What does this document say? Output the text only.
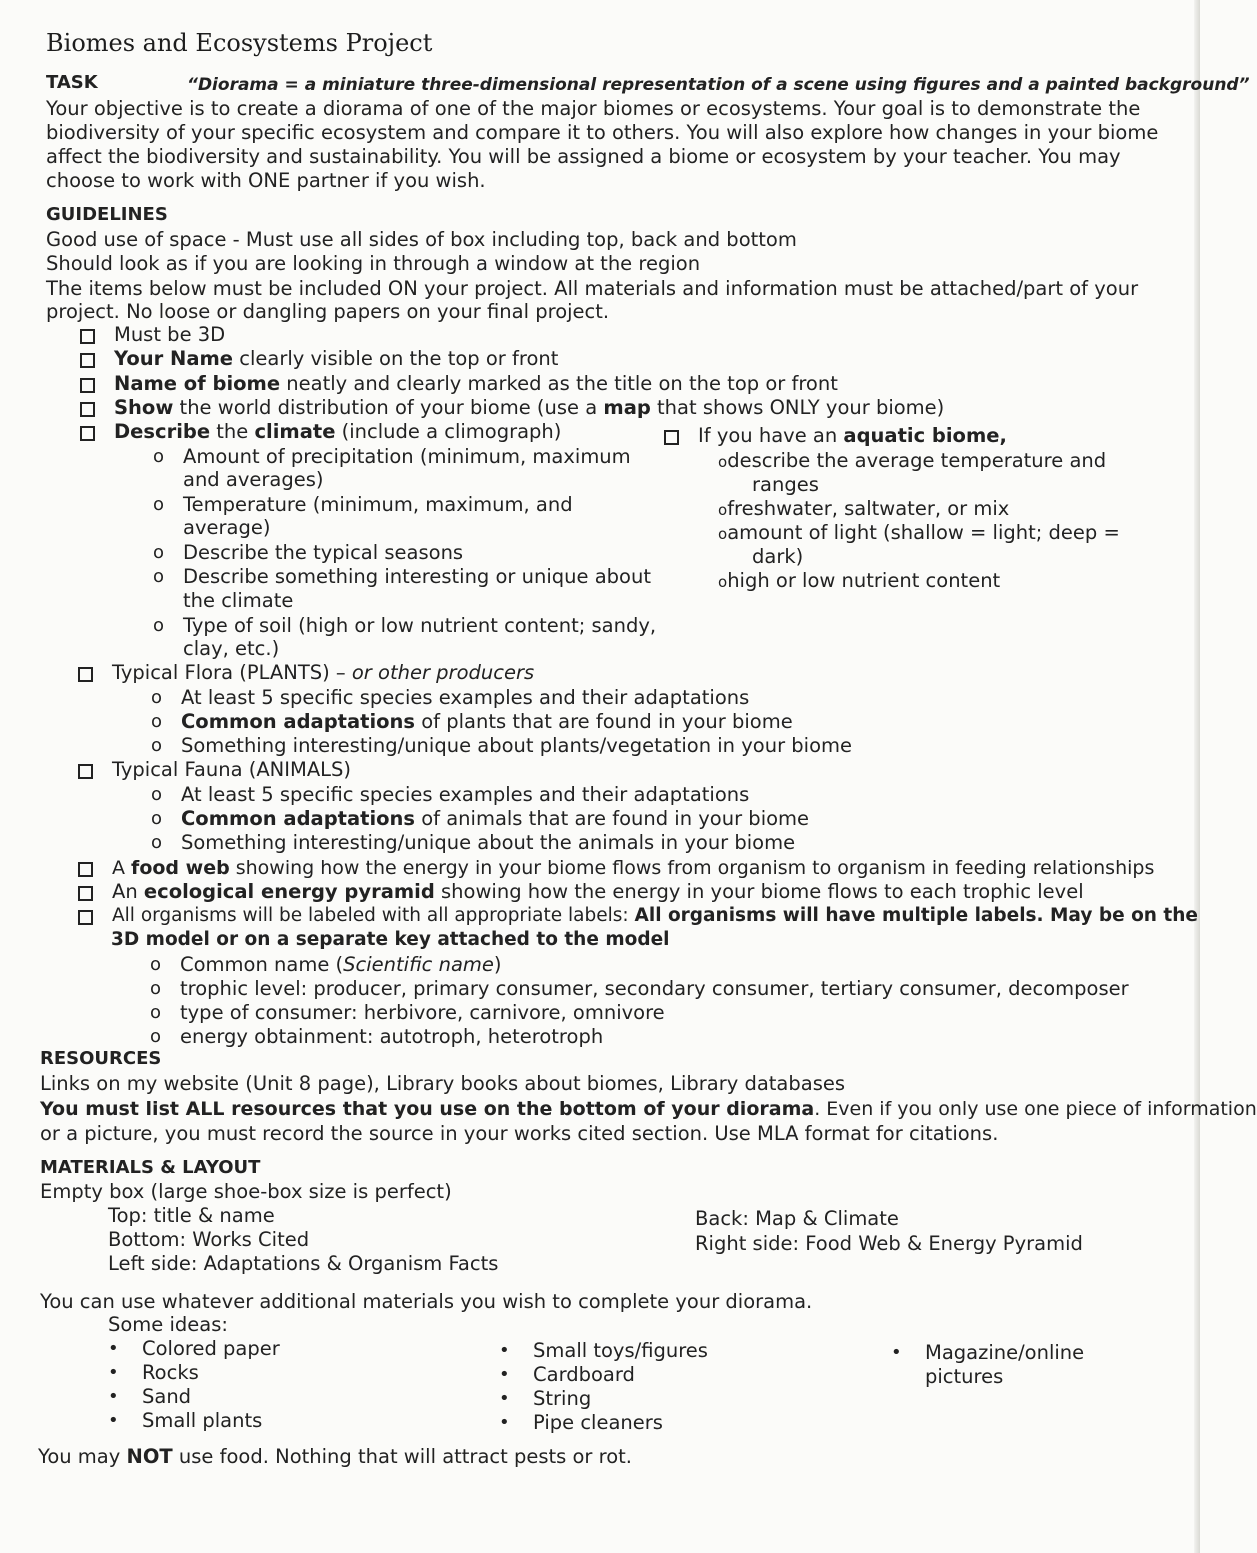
Biomes and Ecosystems Project
TASK	“Diorama = a miniature three-dimensional representation of a scene using figures and a painted background”
Your objective is to create a diorama of one of the major biomes or ecosystems. Your goal is to demonstrate the
biodiversity of your specific ecosystem and compare it to others. You will also explore how changes in your biome
affect the biodiversity and sustainability. You will be assigned a biome or ecosystem by your teacher. You may
choose to work with ONE partner if you wish.
GUIDELINES
Good use of space - Must use all sides of box including top, back and bottom
Should look as if you are looking in through a window at the region
The items below must be included ON your project. All materials and information must be attached/part of your
project. No loose or dangling papers on your final project.
Must be 3D
Your Name clearly visible on the top or front
Name of biome neatly and clearly marked as the title on the top or front
Show the world distribution of your biome (use a map that shows ONLY your biome)
Describe the climate (include a climograph)
o Amount of precipitation (minimum, maximum
and averages)
o Temperature (minimum, maximum, and
average)
o Describe the typical seasons
o Describe something interesting or unique about
the climate
o Type of soil (high or low nutrient content; sandy,
clay, etc.)
If you have an aquatic biome,
odescribe the average temperature and
ranges
ofreshwater, saltwater, or mix
oamount of light (shallow = light; deep =
dark)
ohigh or low nutrient content
Typical Flora (PLANTS) – or other producers
o At least 5 specific species examples and their adaptations
o Common adaptations of plants that are found in your biome
o Something interesting/unique about plants/vegetation in your biome
Typical Fauna (ANIMALS)
o At least 5 specific species examples and their adaptations
o Common adaptations of animals that are found in your biome
o Something interesting/unique about the animals in your biome
A food web showing how the energy in your biome flows from organism to organism in feeding relationships
An ecological energy pyramid showing how the energy in your biome flows to each trophic level
All organisms will be labeled with all appropriate labels: All organisms will have multiple labels. May be on the
3D model or on a separate key attached to the model
o Common name (Scientific name)
o trophic level: producer, primary consumer, secondary consumer, tertiary consumer, decomposer
o type of consumer: herbivore, carnivore, omnivore
o energy obtainment: autotroph, heterotroph
RESOURCES
Links on my website (Unit 8 page), Library books about biomes, Library databases
You must list ALL resources that you use on the bottom of your diorama. Even if you only use one piece of information
or a picture, you must record the source in your works cited section. Use MLA format for citations.
MATERIALS & LAYOUT
Empty box (large shoe-box size is perfect)
Top: title & name
Bottom: Works Cited
Left side: Adaptations & Organism Facts
Back: Map & Climate
Right side: Food Web & Energy Pyramid
You can use whatever additional materials you wish to complete your diorama.
Some ideas:
• Colored paper
• Rocks
• Sand
• Small plants
• Small toys/figures
• Cardboard
• String
• Pipe cleaners
• Magazine/online
pictures
You may NOT use food. Nothing that will attract pests or rot.
